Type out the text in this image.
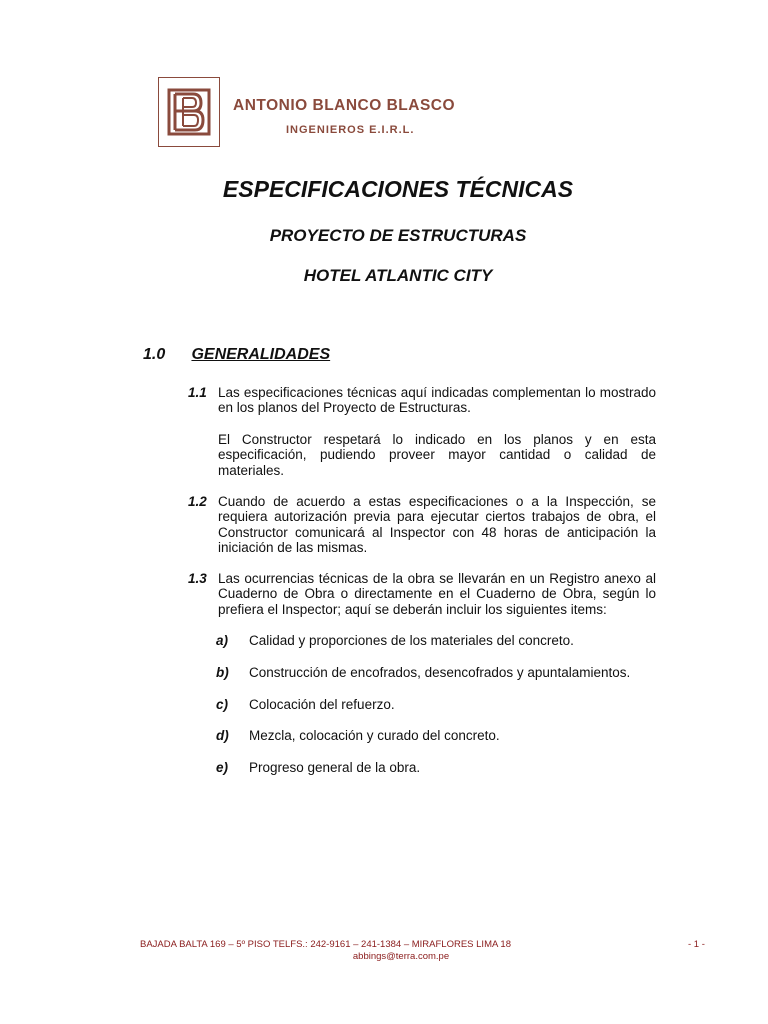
ANTONIO BLANCO BLASCO
INGENIEROS E.I.R.L.
ESPECIFICACIONES TÉCNICAS
PROYECTO DE ESTRUCTURAS
HOTEL ATLANTIC CITY
1.0 GENERALIDADES
1.1 Las especificaciones técnicas aquí indicadas complementan lo mostrado en los planos del Proyecto de Estructuras.
El Constructor respetará lo indicado en los planos y en esta especificación, pudiendo proveer mayor cantidad o calidad de materiales.
1.2 Cuando de acuerdo a estas especificaciones o a la Inspección, se requiera autorización previa para ejecutar ciertos trabajos de obra, el Constructor comunicará al Inspector con 48 horas de anticipación la iniciación de las mismas.
1.3 Las ocurrencias técnicas de la obra se llevarán en un Registro anexo al Cuaderno de Obra o directamente en el Cuaderno de Obra, según lo prefiera el Inspector; aquí se deberán incluir los siguientes items:
a) Calidad y proporciones de los materiales del concreto.
b) Construcción de encofrados, desencofrados y apuntalamientos.
c) Colocación del refuerzo.
d) Mezcla, colocación y curado del concreto.
e) Progreso general de la obra.
BAJADA BALTA 169 – 5º PISO TELFS.: 242-9161 – 241-1384 – MIRAFLORES LIMA 18
abbings@terra.com.pe
- 1 -
